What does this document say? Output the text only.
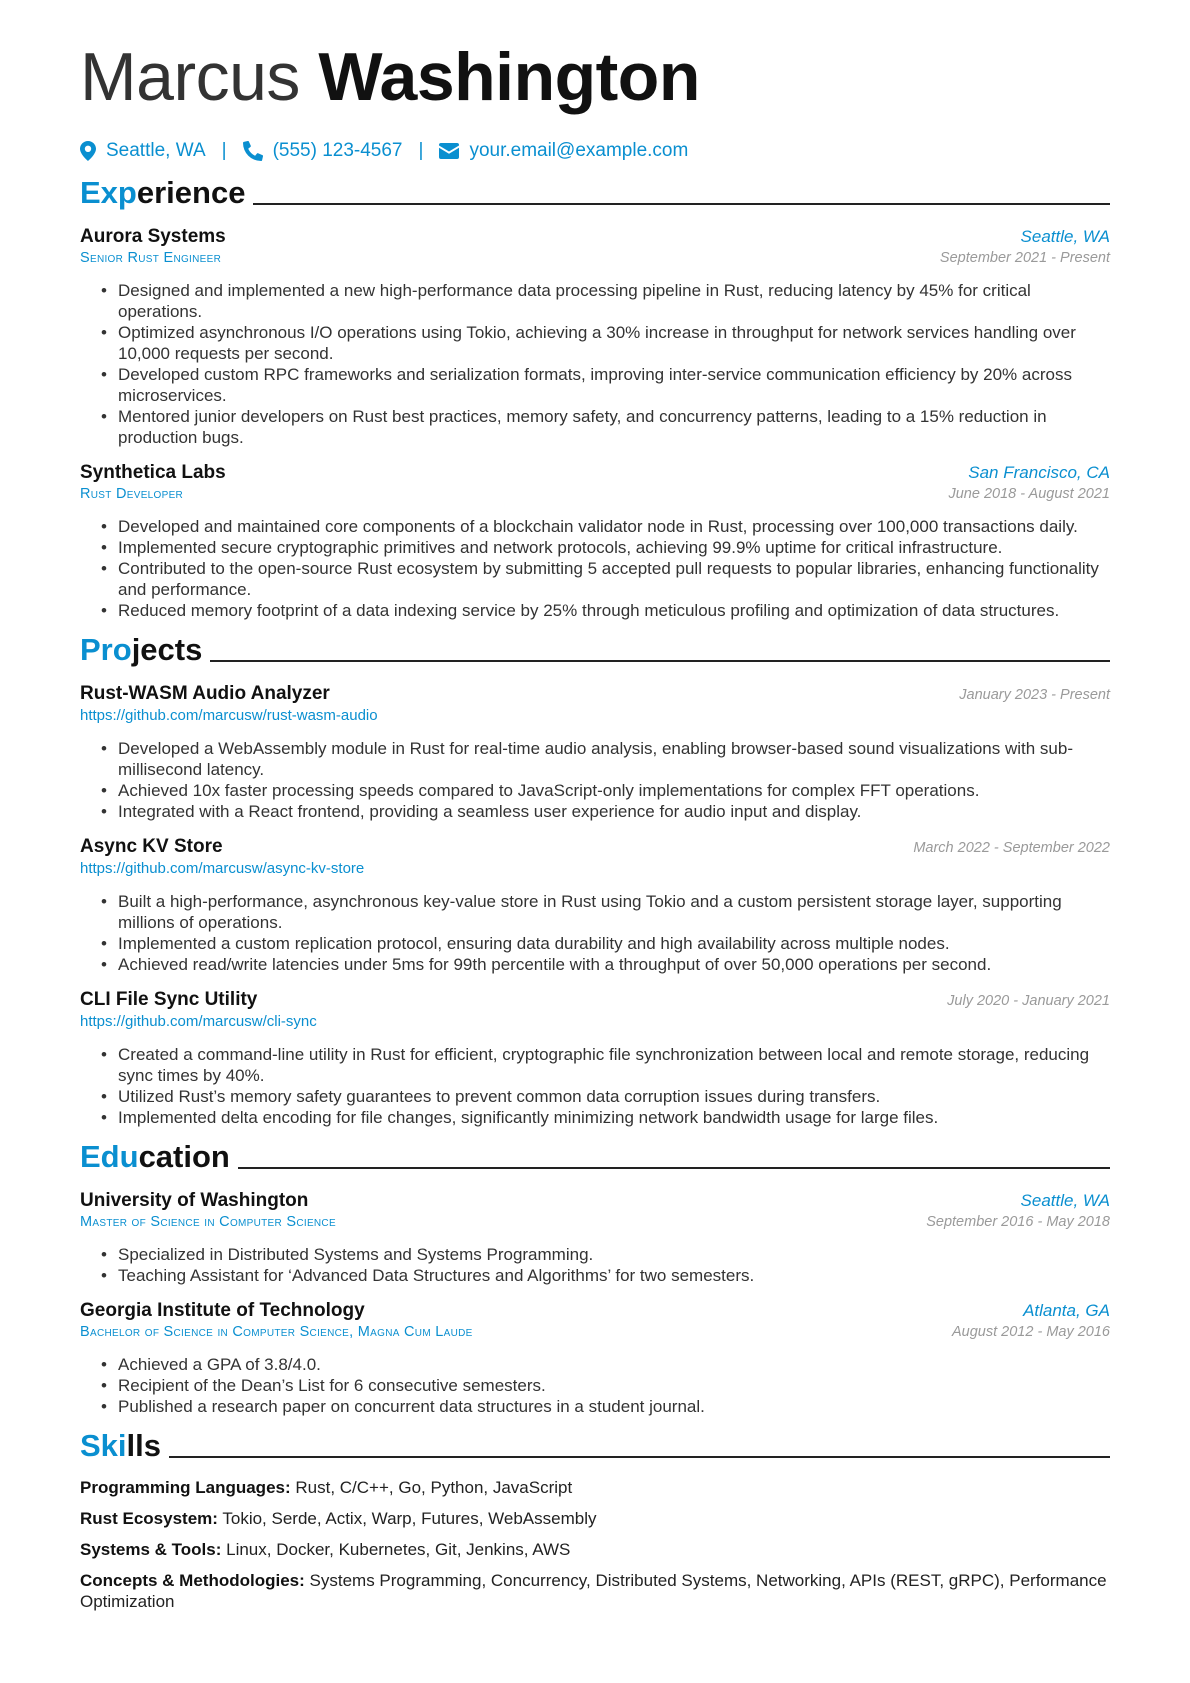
Marcus Washington
Seattle, WA | (555) 123-4567 | your.email@example.com
Experience
Aurora Systems	Seattle, WA
Senior Rust Engineer	September 2021 - Present
• Designed and implemented a new high-performance data processing pipeline in Rust, reducing latency by 45% for critical operations.
• Optimized asynchronous I/O operations using Tokio, achieving a 30% increase in throughput for network services handling over 10,000 requests per second.
• Developed custom RPC frameworks and serialization formats, improving inter-service communication efficiency by 20% across microservices.
• Mentored junior developers on Rust best practices, memory safety, and concurrency patterns, leading to a 15% reduction in production bugs.
Synthetica Labs	San Francisco, CA
Rust Developer	June 2018 - August 2021
• Developed and maintained core components of a blockchain validator node in Rust, processing over 100,000 transactions daily.
• Implemented secure cryptographic primitives and network protocols, achieving 99.9% uptime for critical infrastructure.
• Contributed to the open-source Rust ecosystem by submitting 5 accepted pull requests to popular libraries, enhancing functionality and performance.
• Reduced memory footprint of a data indexing service by 25% through meticulous profiling and optimization of data structures.
Projects
Rust-WASM Audio Analyzer	January 2023 - Present
https://github.com/marcusw/rust-wasm-audio
• Developed a WebAssembly module in Rust for real-time audio analysis, enabling browser-based sound visualizations with sub-millisecond latency.
• Achieved 10x faster processing speeds compared to JavaScript-only implementations for complex FFT operations.
• Integrated with a React frontend, providing a seamless user experience for audio input and display.
Async KV Store	March 2022 - September 2022
https://github.com/marcusw/async-kv-store
• Built a high-performance, asynchronous key-value store in Rust using Tokio and a custom persistent storage layer, supporting millions of operations.
• Implemented a custom replication protocol, ensuring data durability and high availability across multiple nodes.
• Achieved read/write latencies under 5ms for 99th percentile with a throughput of over 50,000 operations per second.
CLI File Sync Utility	July 2020 - January 2021
https://github.com/marcusw/cli-sync
• Created a command-line utility in Rust for efficient, cryptographic file synchronization between local and remote storage, reducing sync times by 40%.
• Utilized Rust’s memory safety guarantees to prevent common data corruption issues during transfers.
• Implemented delta encoding for file changes, significantly minimizing network bandwidth usage for large files.
Education
University of Washington	Seattle, WA
Master of Science in Computer Science	September 2016 - May 2018
• Specialized in Distributed Systems and Systems Programming.
• Teaching Assistant for ‘Advanced Data Structures and Algorithms’ for two semesters.
Georgia Institute of Technology	Atlanta, GA
Bachelor of Science in Computer Science, Magna Cum Laude	August 2012 - May 2016
• Achieved a GPA of 3.8/4.0.
• Recipient of the Dean’s List for 6 consecutive semesters.
• Published a research paper on concurrent data structures in a student journal.
Skills
Programming Languages: Rust, C/C++, Go, Python, JavaScript
Rust Ecosystem: Tokio, Serde, Actix, Warp, Futures, WebAssembly
Systems & Tools: Linux, Docker, Kubernetes, Git, Jenkins, AWS
Concepts & Methodologies: Systems Programming, Concurrency, Distributed Systems, Networking, APIs (REST, gRPC), Performance Optimization
